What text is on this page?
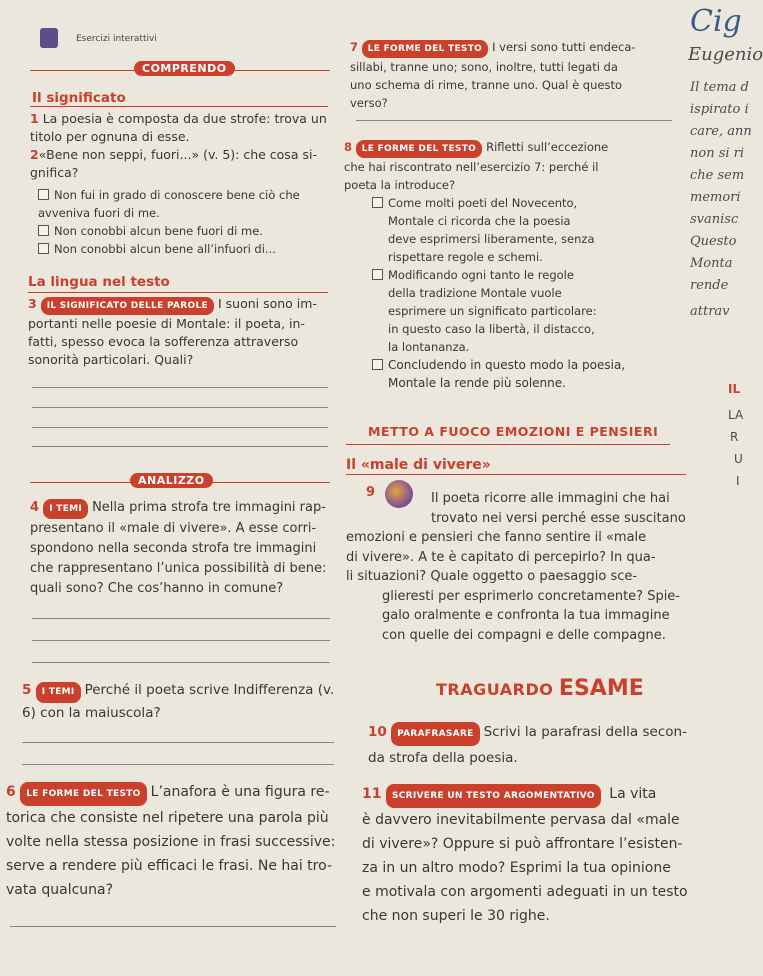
Esercizi interattivi	Cig
COMPRENDO
Il significato
1 La poesia è composta da due strofe: trova un
titolo per ognuna di esse.
2«Bene non seppi, fuori...» (v. 5): che cosa si-
gnifica?
Non fui in grado di conoscere bene ciò che
avveniva fuori di me.
Non conobbi alcun bene fuori di me.
Non conobbi alcun bene all’infuori di...
La lingua nel testo
3 IL SIGNIFICATO DELLE PAROLE I suoni sono im-
portanti nelle poesie di Montale: il poeta, in-
fatti, spesso evoca la sofferenza attraverso
sonorità particolari. Quali?
ANALIZZO
4 I TEMI Nella prima strofa tre immagini rap-
presentano il «male di vivere». A esse corri-
spondono nella seconda strofa tre immagini
che rappresentano l’unica possibilità di bene:
quali sono? Che cos’hanno in comune?
5 I TEMI Perché il poeta scrive Indifferenza (v.
6) con la maiuscola?
6 LE FORME DEL TESTO L’anafora è una figura re-
torica che consiste nel ripetere una parola più
volte nella stessa posizione in frasi successive:
serve a rendere più efficaci le frasi. Ne hai tro-
vata qualcuna?
7 LE FORME DEL TESTO I versi sono tutti endeca-
sillabi, tranne uno; sono, inoltre, tutti legati da
uno schema di rime, tranne uno. Qual è questo
verso?
8 LE FORME DEL TESTO Rifletti sull’eccezione
che hai riscontrato nell’esercizio 7: perché il
poeta la introduce?
Come molti poeti del Novecento,
Montale ci ricorda che la poesia
deve esprimersi liberamente, senza
rispettare regole e schemi.
Modificando ogni tanto le regole
della tradizione Montale vuole
esprimere un significato particolare:
in questo caso la libertà, il distacco,
la lontananza.
Concludendo in questo modo la poesia,
Montale la rende più solenne.
METTO A FUOCO EMOZIONI E PENSIERI
Il «male di vivere»
9	Il poeta ricorre alle immagini che hai
trovato nei versi perché esse suscitano
emozioni e pensieri che fanno sentire il «male
di vivere». A te è capitato di percepirlo? In qua-
li situazioni? Quale oggetto o paesaggio sce-
glieresti per esprimerlo concretamente? Spie-
galo oralmente e confronta la tua immagine
con quelle dei compagni e delle compagne.
TRAGUARDO ESAME
10 PARAFRASARE Scrivi la parafrasi della secon-
da strofa della poesia.
11 SCRIVERE UN TESTO ARGOMENTATIVO La vita
è davvero inevitabilmente pervasa dal «male
di vivere»? Oppure si può affrontare l’esisten-
za in un altro modo? Esprimi la tua opinione
e motivala con argomenti adeguati in un testo
che non superi le 30 righe.
Eugenio
Il tema d
ispirato i
care, ann
non si ri
che sem
memori
svanisc
Questo
Monta
rende
attrav
IL
LA
R
U
I
